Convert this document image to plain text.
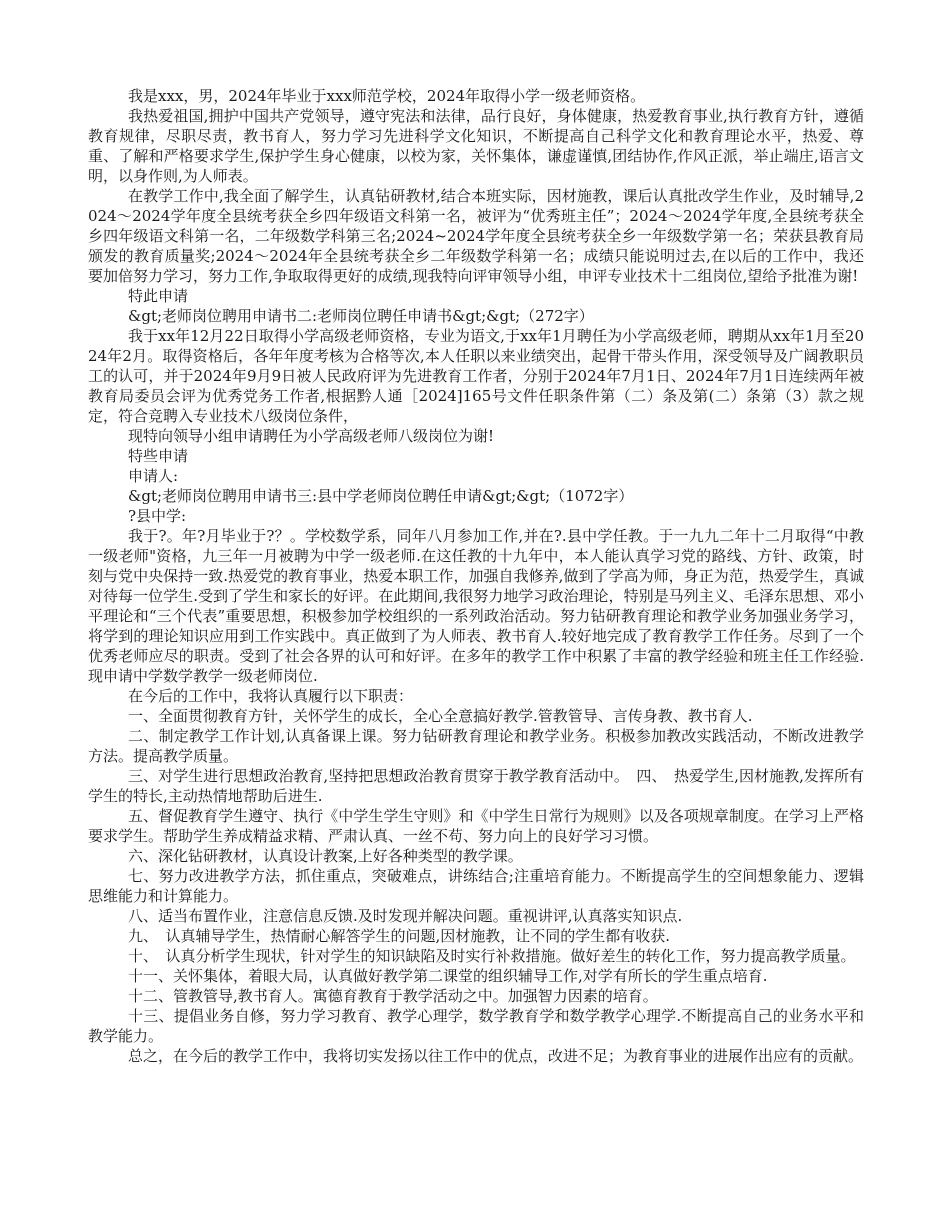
我是xxx，男，2024年毕业于xxx师范学校，2024年取得小学一级老师资格。

我热爱祖国,拥护中国共产党领导，遵守宪法和法律，品行良好，身体健康，热爱教育事业,执行教育方针，遵循教育规律，尽职尽责，教书育人，努力学习先进科学文化知识，不断提高自己科学文化和教育理论水平，热爱、尊重、了解和严格要求学生,保护学生身心健康，以校为家，关怀集体，谦虚谨慎,团结协作,作风正派，举止端庄,语言文明，以身作则,为人师表。

在教学工作中,我全面了解学生，认真钻研教材,结合本班实际，因材施教，课后认真批改学生作业，及时辅导,2024～2024学年度全县统考获全乡四年级语文科第一名，被评为“优秀班主任”；2024～2024学年度,全县统考获全乡四年级语文科第一名，二年级数学科第三名;2024~2024学年度全县统考获全乡一年级数学第一名；荣获县教育局颁发的教育质量奖;2024～2024年全县统考获全乡二年级数学科第一名；成绩只能说明过去,在以后的工作中，我还要加倍努力学习，努力工作,争取取得更好的成绩,现我特向评审领导小组，申评专业技术十二组岗位,望给予批准为谢!

特此申请

&gt;老师岗位聘用申请书二:老师岗位聘任申请书&gt;&gt;（272字）

我于xx年12月22日取得小学高级老师资格，专业为语文,于xx年1月聘任为小学高级老师，聘期从xx年1月至2024年2月。取得资格后，各年年度考核为合格等次,本人任职以来业绩突出，起骨干带头作用，深受领导及广阔教职员工的认可，并于2024年9月9日被人民政府评为先进教育工作者，分别于2024年7月1日、2024年7月1日连续两年被教育局委员会评为优秀党务工作者,根据黔人通［2024]165号文件任职条件第（二）条及第(二）条第（3）款之规定，符合竞聘入专业技术八级岗位条件，

现特向领导小组申请聘任为小学高级老师八级岗位为谢!

特些申请

申请人:

&gt;老师岗位聘用申请书三:县中学老师岗位聘任申请&gt;&gt;（1072字）

?县中学:

我于?。年?月毕业于?？。学校数学系，同年八月参加工作,并在?.县中学任教。于一九九二年十二月取得“中教一级老师"资格，九三年一月被聘为中学一级老师.在这任教的十九年中，本人能认真学习党的路线、方针、政策，时刻与党中央保持一致.热爱党的教育事业，热爱本职工作，加强自我修养,做到了学高为师，身正为范，热爱学生，真诚对待每一位学生.受到了学生和家长的好评。在此期间,我很努力地学习政治理论，特别是马列主义、毛泽东思想、邓小平理论和“三个代表”重要思想，积极参加学校组织的一系列政治活动。努力钻研教育理论和教学业务加强业务学习，将学到的理论知识应用到工作实践中。真正做到了为人师表、教书育人.较好地完成了教育教学工作任务。尽到了一个优秀老师应尽的职责。受到了社会各界的认可和好评。在多年的教学工作中积累了丰富的教学经验和班主任工作经验.现申请中学数学教学一级老师岗位.

在今后的工作中，我将认真履行以下职责：

一、全面贯彻教育方针，关怀学生的成长，全心全意搞好教学.管教管导、言传身教、教书育人.

二、制定教学工作计划,认真备课上课。努力钻研教育理论和教学业务。积极参加教改实践活动，不断改进教学方法。提高教学质量。

三、对学生进行思想政治教育,坚持把思想政治教育贯穿于教学教育活动中。　四、　热爱学生,因材施教,发挥所有学生的特长,主动热情地帮助后进生.

五、督促教育学生遵守、执行《中学生学生守则》和《中学生日常行为规则》以及各项规章制度。在学习上严格要求学生。帮助学生养成精益求精、严肃认真、一丝不苟、努力向上的良好学习习惯。

六、深化钻研教材，认真设计教案,上好各种类型的教学课。

七、努力改进教学方法，抓住重点，突破难点，讲练结合;注重培育能力。不断提高学生的空间想象能力、逻辑思维能力和计算能力。

八、适当布置作业，注意信息反馈.及时发现并解决问题。重视讲评,认真落实知识点.

九、　认真辅导学生，热情耐心解答学生的问题,因材施教，让不同的学生都有收获.

十、　认真分析学生现状，针对学生的知识缺陷及时实行补救措施。做好差生的转化工作，努力提高教学质量。

十一、关怀集体，着眼大局，认真做好教学第二课堂的组织辅导工作,对学有所长的学生重点培育.

十二、管教管导,教书育人。寓德育教育于教学活动之中。加强智力因素的培育。

十三、提倡业务自修，努力学习教育、教学心理学，数学教育学和数学教学心理学.不断提高自己的业务水平和教学能力。

总之，在今后的教学工作中，我将切实发扬以往工作中的优点，改进不足；为教育事业的进展作出应有的贡献。
